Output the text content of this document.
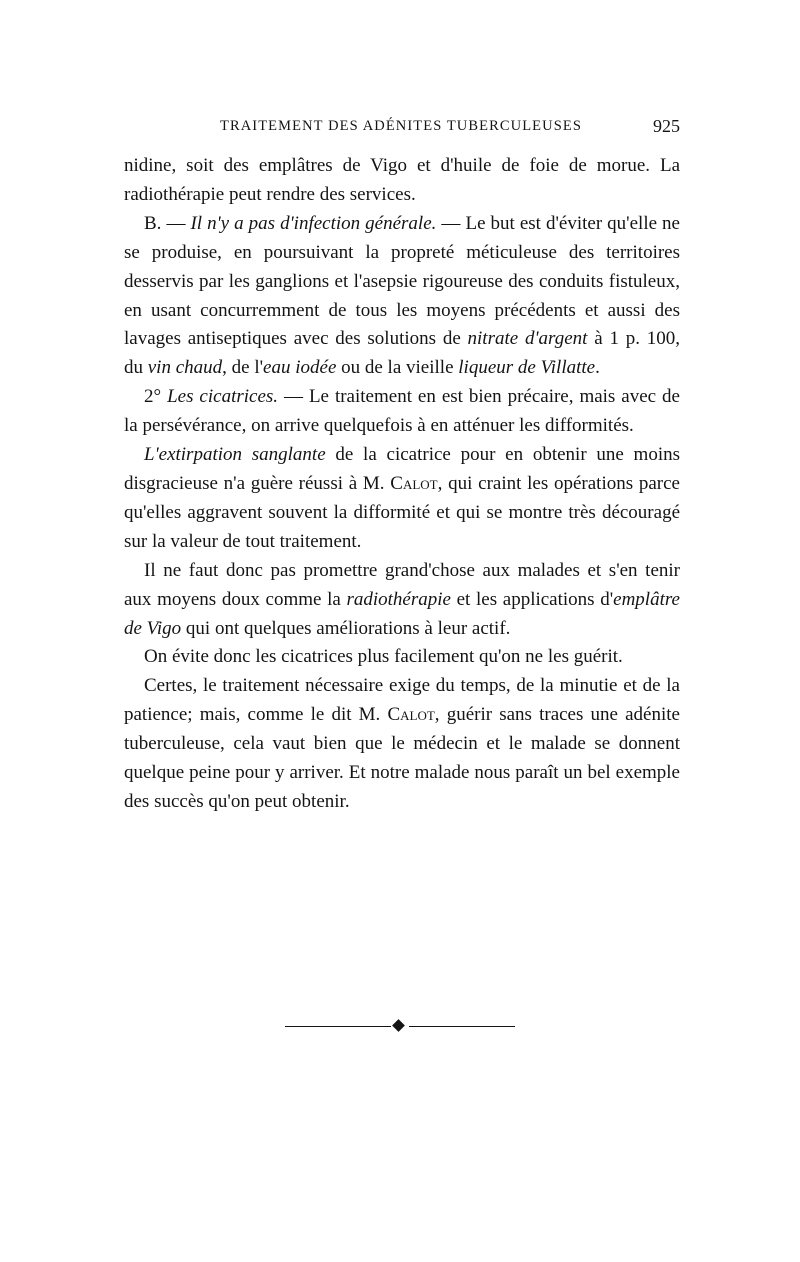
TRAITEMENT DES ADÉNITES TUBERCULEUSES	925

nidine, soit des emplâtres de Vigo et d'huile de foie de morue. La radiothérapie peut rendre des services.

B. — Il n'y a pas d'infection générale. — Le but est d'éviter qu'elle ne se produise, en poursuivant la propreté méticuleuse des territoires desservis par les ganglions et l'asepsie rigoureuse des conduits fistuleux, en usant concurremment de tous les moyens précédents et aussi des lavages antiseptiques avec des solutions de nitrate d'argent à 1 p. 100, du vin chaud, de l'eau iodée ou de la vieille liqueur de Villatte.

2° Les cicatrices. — Le traitement en est bien précaire, mais avec de la persévérance, on arrive quelquefois à en atténuer les difformités.

L'extirpation sanglante de la cicatrice pour en obtenir une moins disgracieuse n'a guère réussi à M. Calot, qui craint les opérations parce qu'elles aggravent souvent la difformité et qui se montre très découragé sur la valeur de tout traitement.

Il ne faut donc pas promettre grand'chose aux malades et s'en tenir aux moyens doux comme la radiothérapie et les applications d'emplâtre de Vigo qui ont quelques améliorations à leur actif.

On évite donc les cicatrices plus facilement qu'on ne les guérit.

Certes, le traitement nécessaire exige du temps, de la minutie et de la patience; mais, comme le dit M. Calot, guérir sans traces une adénite tuberculeuse, cela vaut bien que le médecin et le malade se donnent quelque peine pour y arriver. Et notre malade nous paraît un bel exemple des succès qu'on peut obtenir.
